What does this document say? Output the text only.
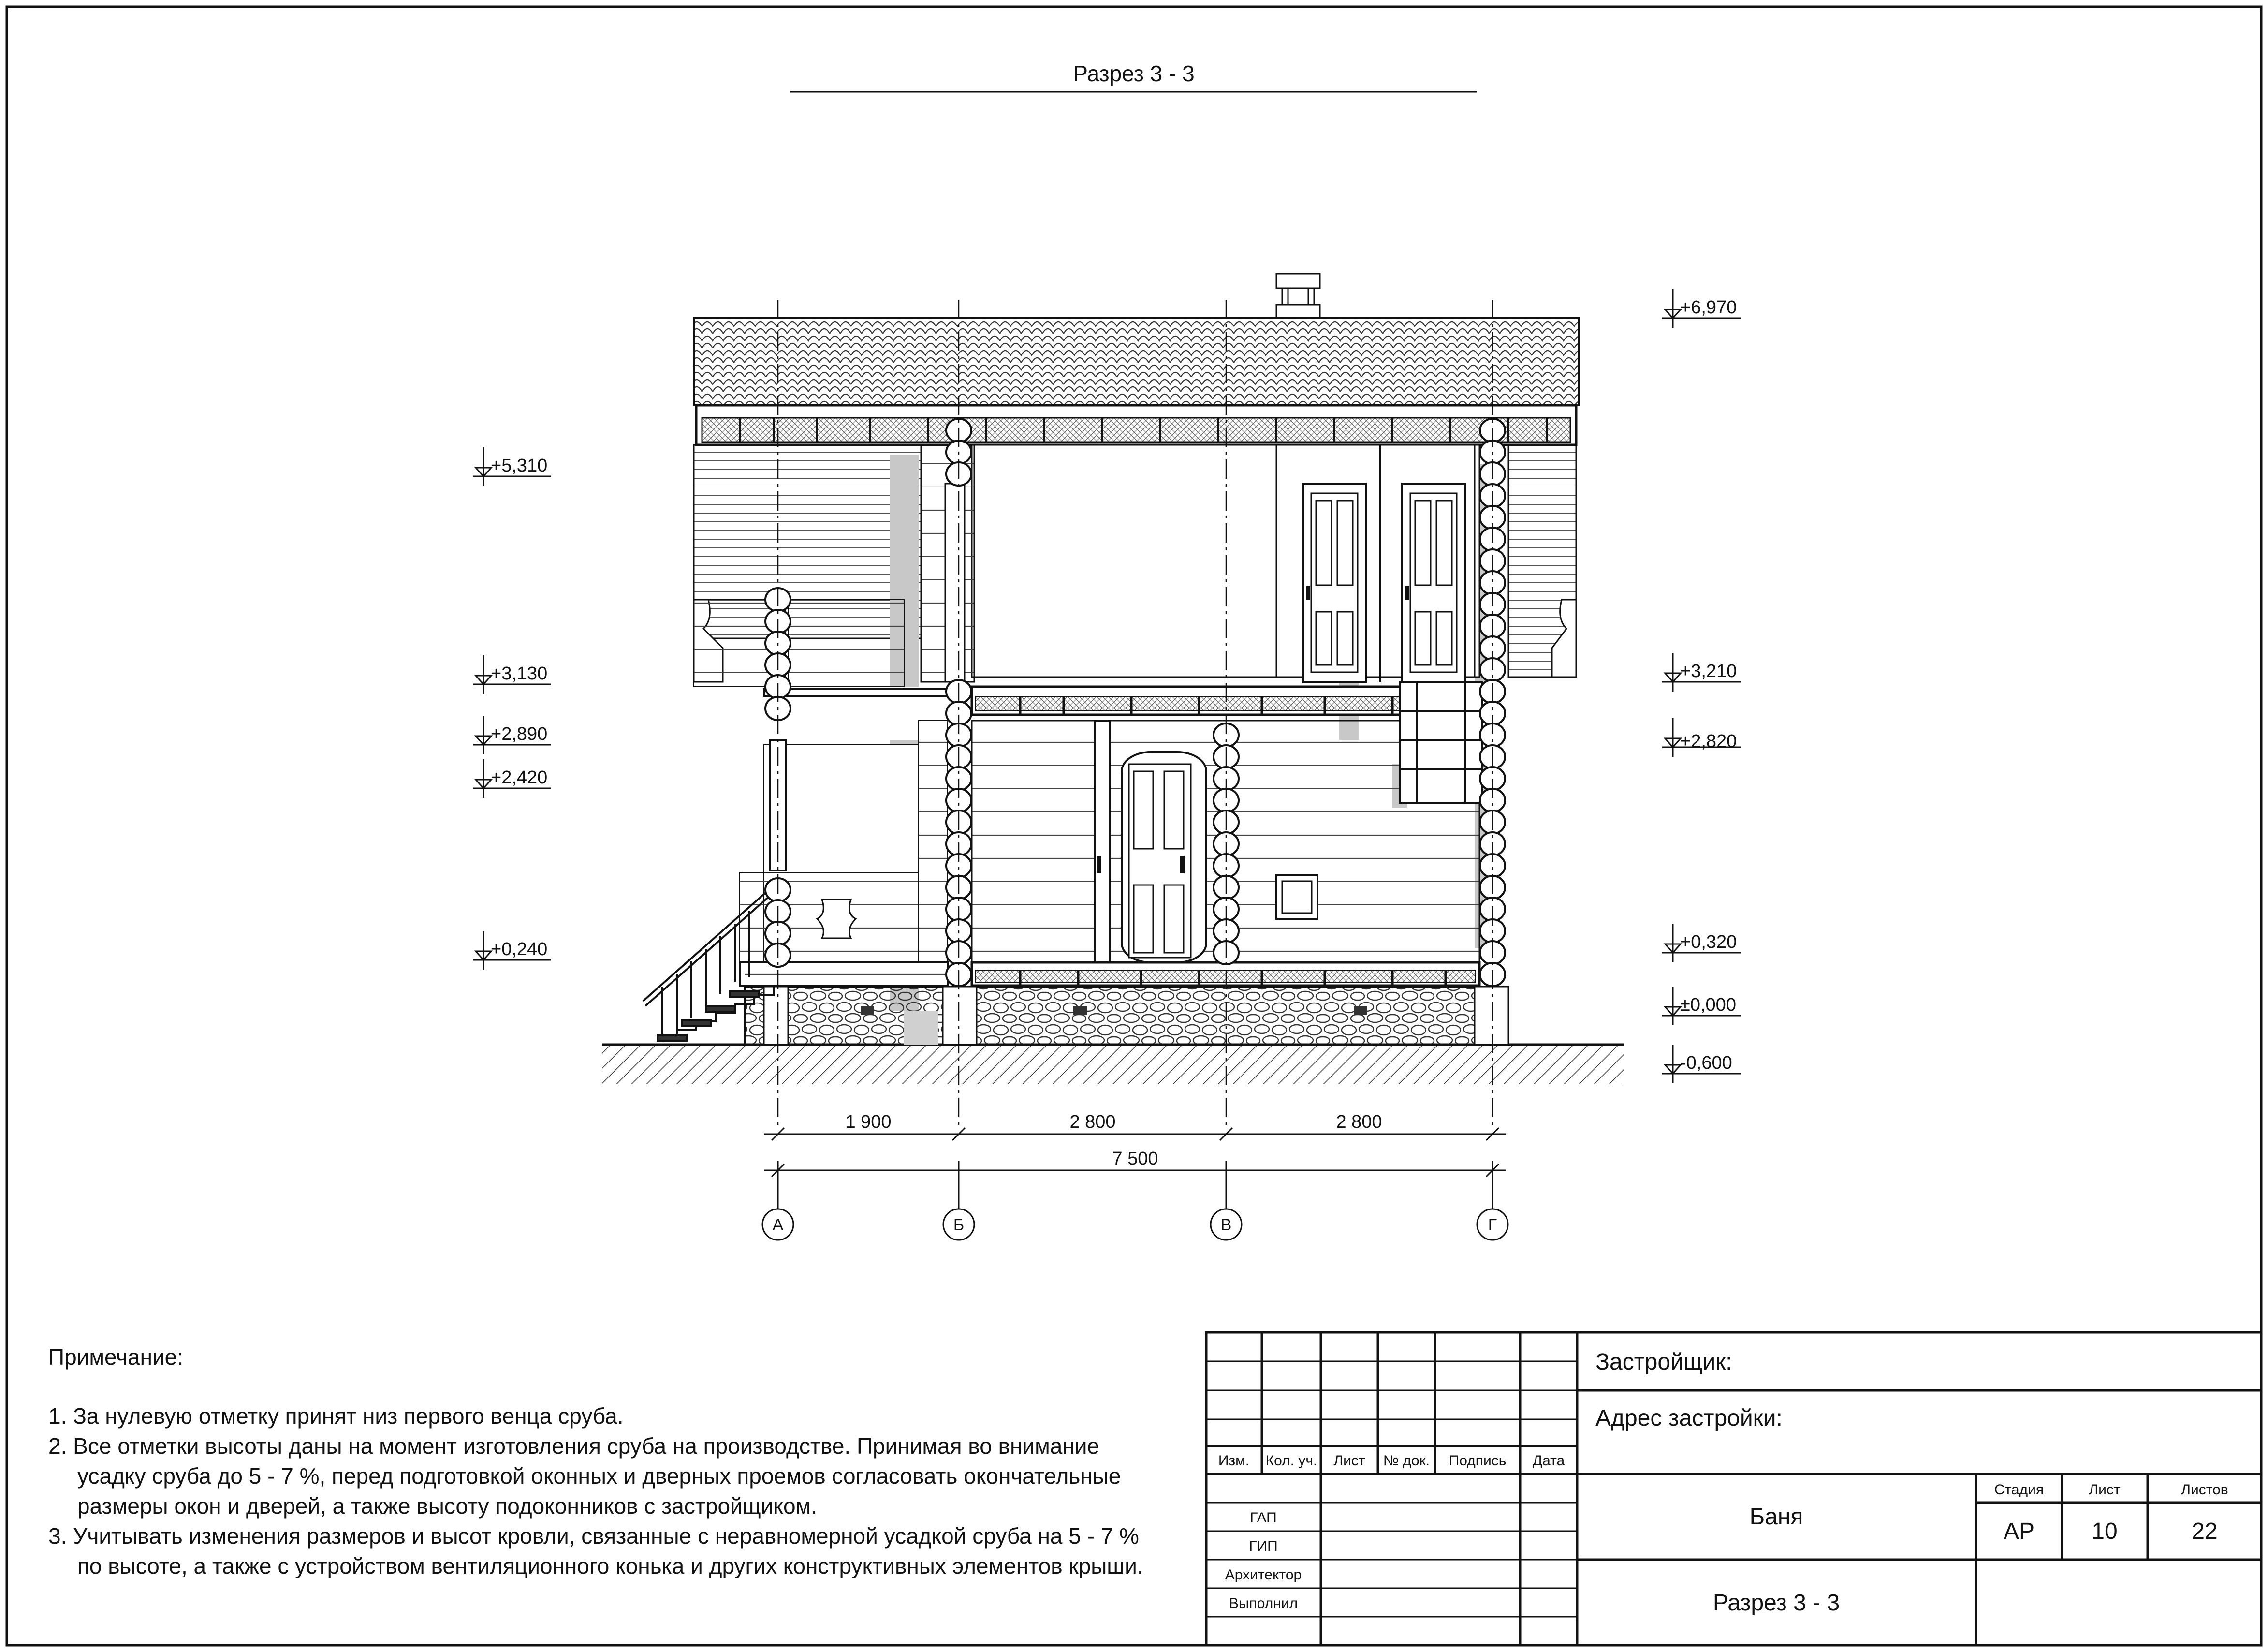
Разрез 3 - 3
+5,310
+3,130
+2,890
+2,420
+0,240
+6,970
+3,210
+2,820
+0,320
±0,000
-0,600
1 900	2 800	2 800
7 500
А	Б	В	Г
Изм. Кол. уч. Лист № док. Подпись Дата
ГАП
ГИП
Архитектор
Выполнил
Стадия	Лист	Листов
Застройщик:
Адрес застройки:
Баня
Разрез 3 - 3
АР 10	22

Примечание:

1. За нулевую отметку принят низ первого венца сруба.

2. Все отметки высоты даны на момент изготовления сруба на производстве. Принимая во внимание усадку сруба до 5 - 7 %, перед подготовкой оконных и дверных проемов согласовать окончательные размеры окон и дверей, а также высоту подоконников с застройщиком.

3. Учитывать изменения размеров и высот кровли, связанные с неравномерной усадкой сруба на 5 - 7 % по высоте, а также с устройством вентиляционного конька и других конструктивных элементов крыши.
